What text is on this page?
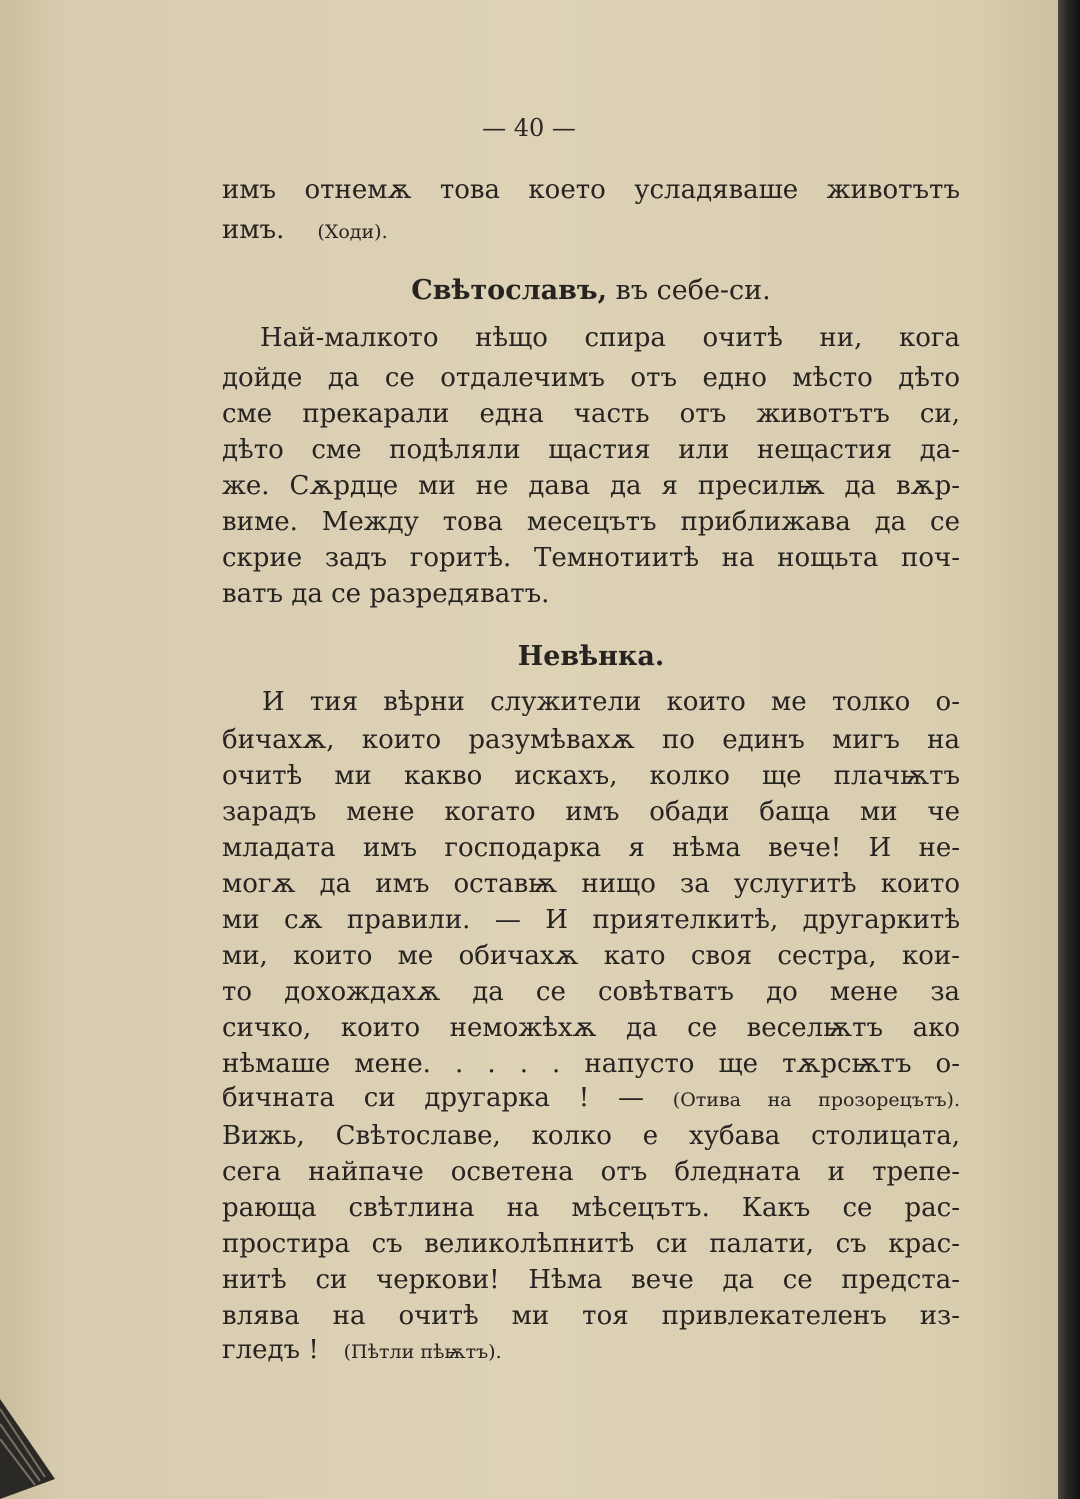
— 40 —
имъ отнемѫ това което усладяваше животътъ
имъ. (Ходи).
Свѣтославъ, въ себе-си.
Най-малкото нѣщо спира очитѣ ни, кога
дойде да се отдалечимъ отъ едно мѣсто дѣто
сме прекарали една часть отъ животътъ си,
дѣто сме подѣляли щастия или нещастия да-
же. Сѫрдце ми не дава да я пресилѭ да вѫр-
виме. Между това месецътъ приближава да се
скрие задъ горитѣ. Темнотиитѣ на нощьта поч-
ватъ да се разредяватъ.
Невѣнка.
И тия вѣрни служители които ме толко о-
бичахѫ, които разумѣвахѫ по единъ мигъ на
очитѣ ми какво искахъ, колко ще плачѭтъ
зарадъ мене когато имъ обади баща ми че
младата имъ господарка я нѣма вече! И не-
могѫ да имъ оставѭ нищо за услугитѣ които
ми сѫ правили. — И приятелкитѣ, другаркитѣ
ми, които ме обичахѫ като своя сестра, кои-
то дохождахѫ да се совѣтватъ до мене за
сичко, които неможѣхѫ да се веселѭтъ ако
нѣмаше мене. . . . . напусто ще тѫрсѭтъ о-
бичната си другарка ! — (Отива на прозорецътъ).
Вижь, Свѣтославе, колко е хубава столицата,
сега найпаче осветена отъ бледната и трепе-
рающа свѣтлина на мѣсецътъ. Какъ се рас-
простира съ великолѣпнитѣ си палати, съ крас-
нитѣ си черкови! Нѣма вече да се предста-
влява на очитѣ ми тоя привлекателенъ из-
гледъ ! (Пѣтли пѣѭтъ).
